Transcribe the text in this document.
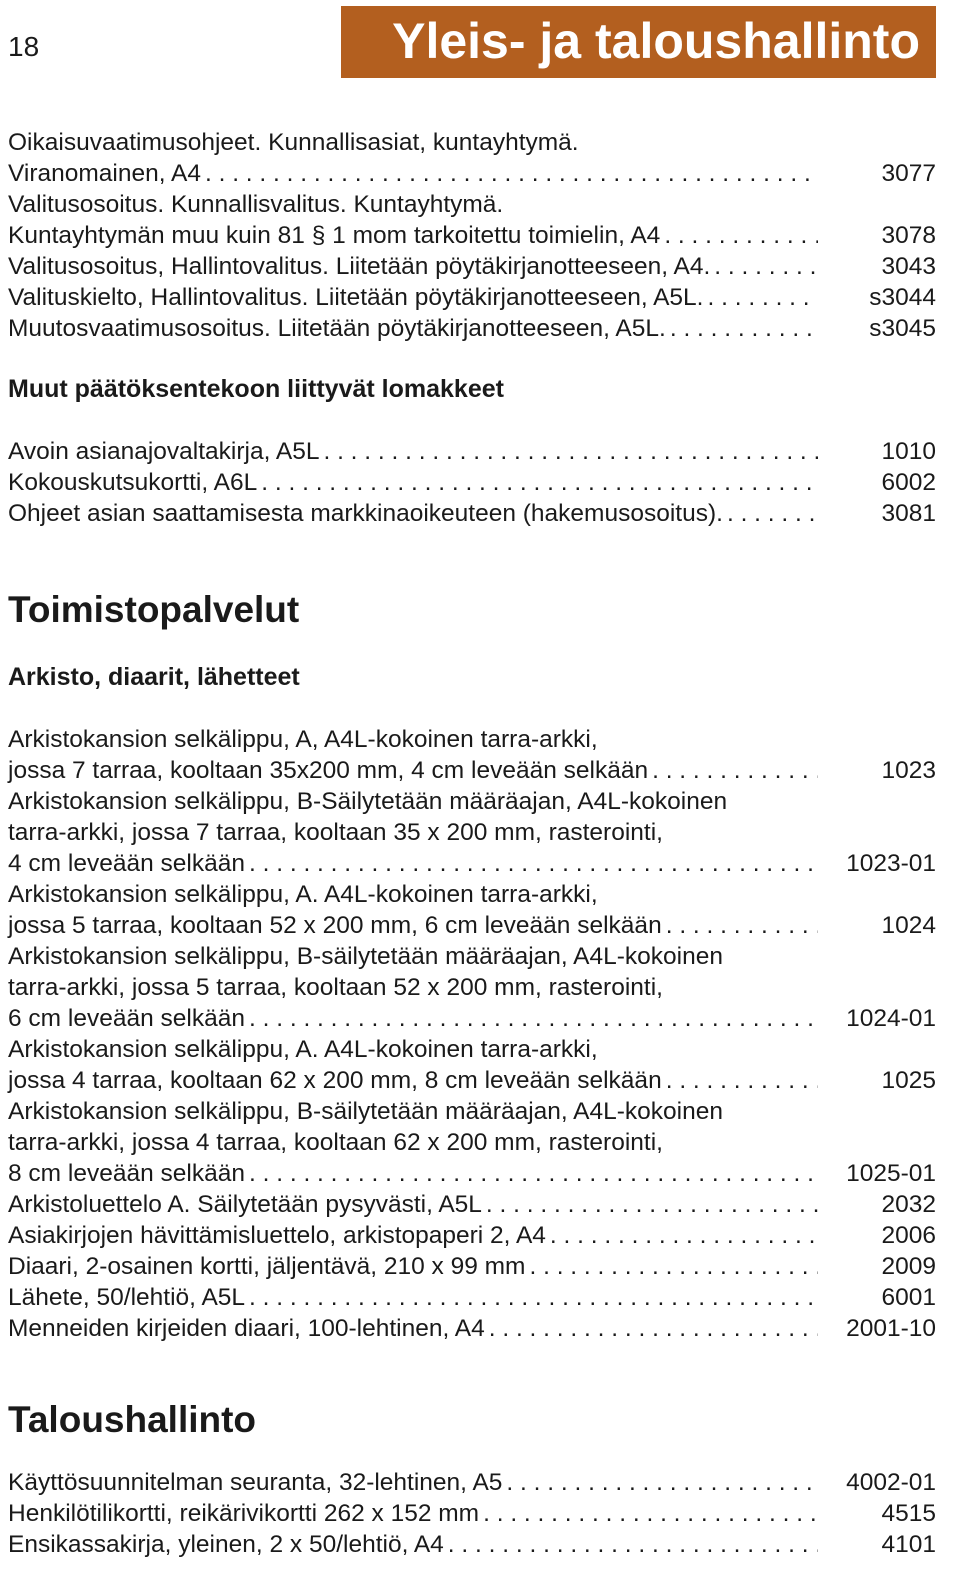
18	Yleis- ja taloushallinto
Oikaisuvaatimusohjeet. Kunnallisasiat, kuntayhtymä.
Viranomainen, A4 . . .	3077
Valitusosoitus. Kunnallisvalitus. Kuntayhtymä.
Kuntayhtymän muu kuin 81 § 1 mom tarkoitettu toimielin, A4 . . .	3078
Valitusosoitus, Hallintovalitus. Liitetään pöytäkirjanotteeseen, A4. . . .	3043
Valituskielto, Hallintovalitus. Liitetään pöytäkirjanotteeseen, A5L. . . .	s3044
Muutosvaatimusosoitus. Liitetään pöytäkirjanotteeseen, A5L. . . .	s3045
Muut päätöksentekoon liittyvät lomakkeet
Avoin asianajovaltakirja, A5L . . .	1010
Kokouskutsukortti, A6L . . .	6002
Ohjeet asian saattamisesta markkinaoikeuteen (hakemusosoitus). . . .	3081
Toimistopalvelut
Arkisto, diaarit, lähetteet
Arkistokansion selkälippu, A, A4L-kokoinen tarra-arkki,
jossa 7 tarraa, kooltaan 35x200 mm, 4 cm leveään selkään . . .	1023
Arkistokansion selkälippu, B-Säilytetään määräajan, A4L-kokoinen
tarra-arkki, jossa 7 tarraa, kooltaan 35 x 200 mm, rasterointi,
4 cm leveään selkään . . .	1023-01
Arkistokansion selkälippu, A. A4L-kokoinen tarra-arkki,
jossa 5 tarraa, kooltaan 52 x 200 mm, 6 cm leveään selkään . . .	1024
Arkistokansion selkälippu, B-säilytetään määräajan, A4L-kokoinen
tarra-arkki, jossa 5 tarraa, kooltaan 52 x 200 mm, rasterointi,
6 cm leveään selkään . . .	1024-01
Arkistokansion selkälippu, A. A4L-kokoinen tarra-arkki,
jossa 4 tarraa, kooltaan 62 x 200 mm, 8 cm leveään selkään . . .	1025
Arkistokansion selkälippu, B-säilytetään määräajan, A4L-kokoinen
tarra-arkki, jossa 4 tarraa, kooltaan 62 x 200 mm, rasterointi,
8 cm leveään selkään . . .	1025-01
Arkistoluettelo A. Säilytetään pysyvästi, A5L . . .	2032
Asiakirjojen hävittämisluettelo, arkistopaperi 2, A4 . . .	2006
Diaari, 2-osainen kortti, jäljentävä, 210 x 99 mm . . .	2009
Lähete, 50/lehtiö, A5L . . .	6001
Menneiden kirjeiden diaari, 100-lehtinen, A4 . . .	2001-10
Taloushallinto
Käyttösuunnitelman seuranta, 32-lehtinen, A5 . . .	4002-01
Henkilötilikortti, reikärivikortti 262 x 152 mm . . .	4515
Ensikassakirja, yleinen, 2 x 50/lehtiö, A4 . . .	4101
